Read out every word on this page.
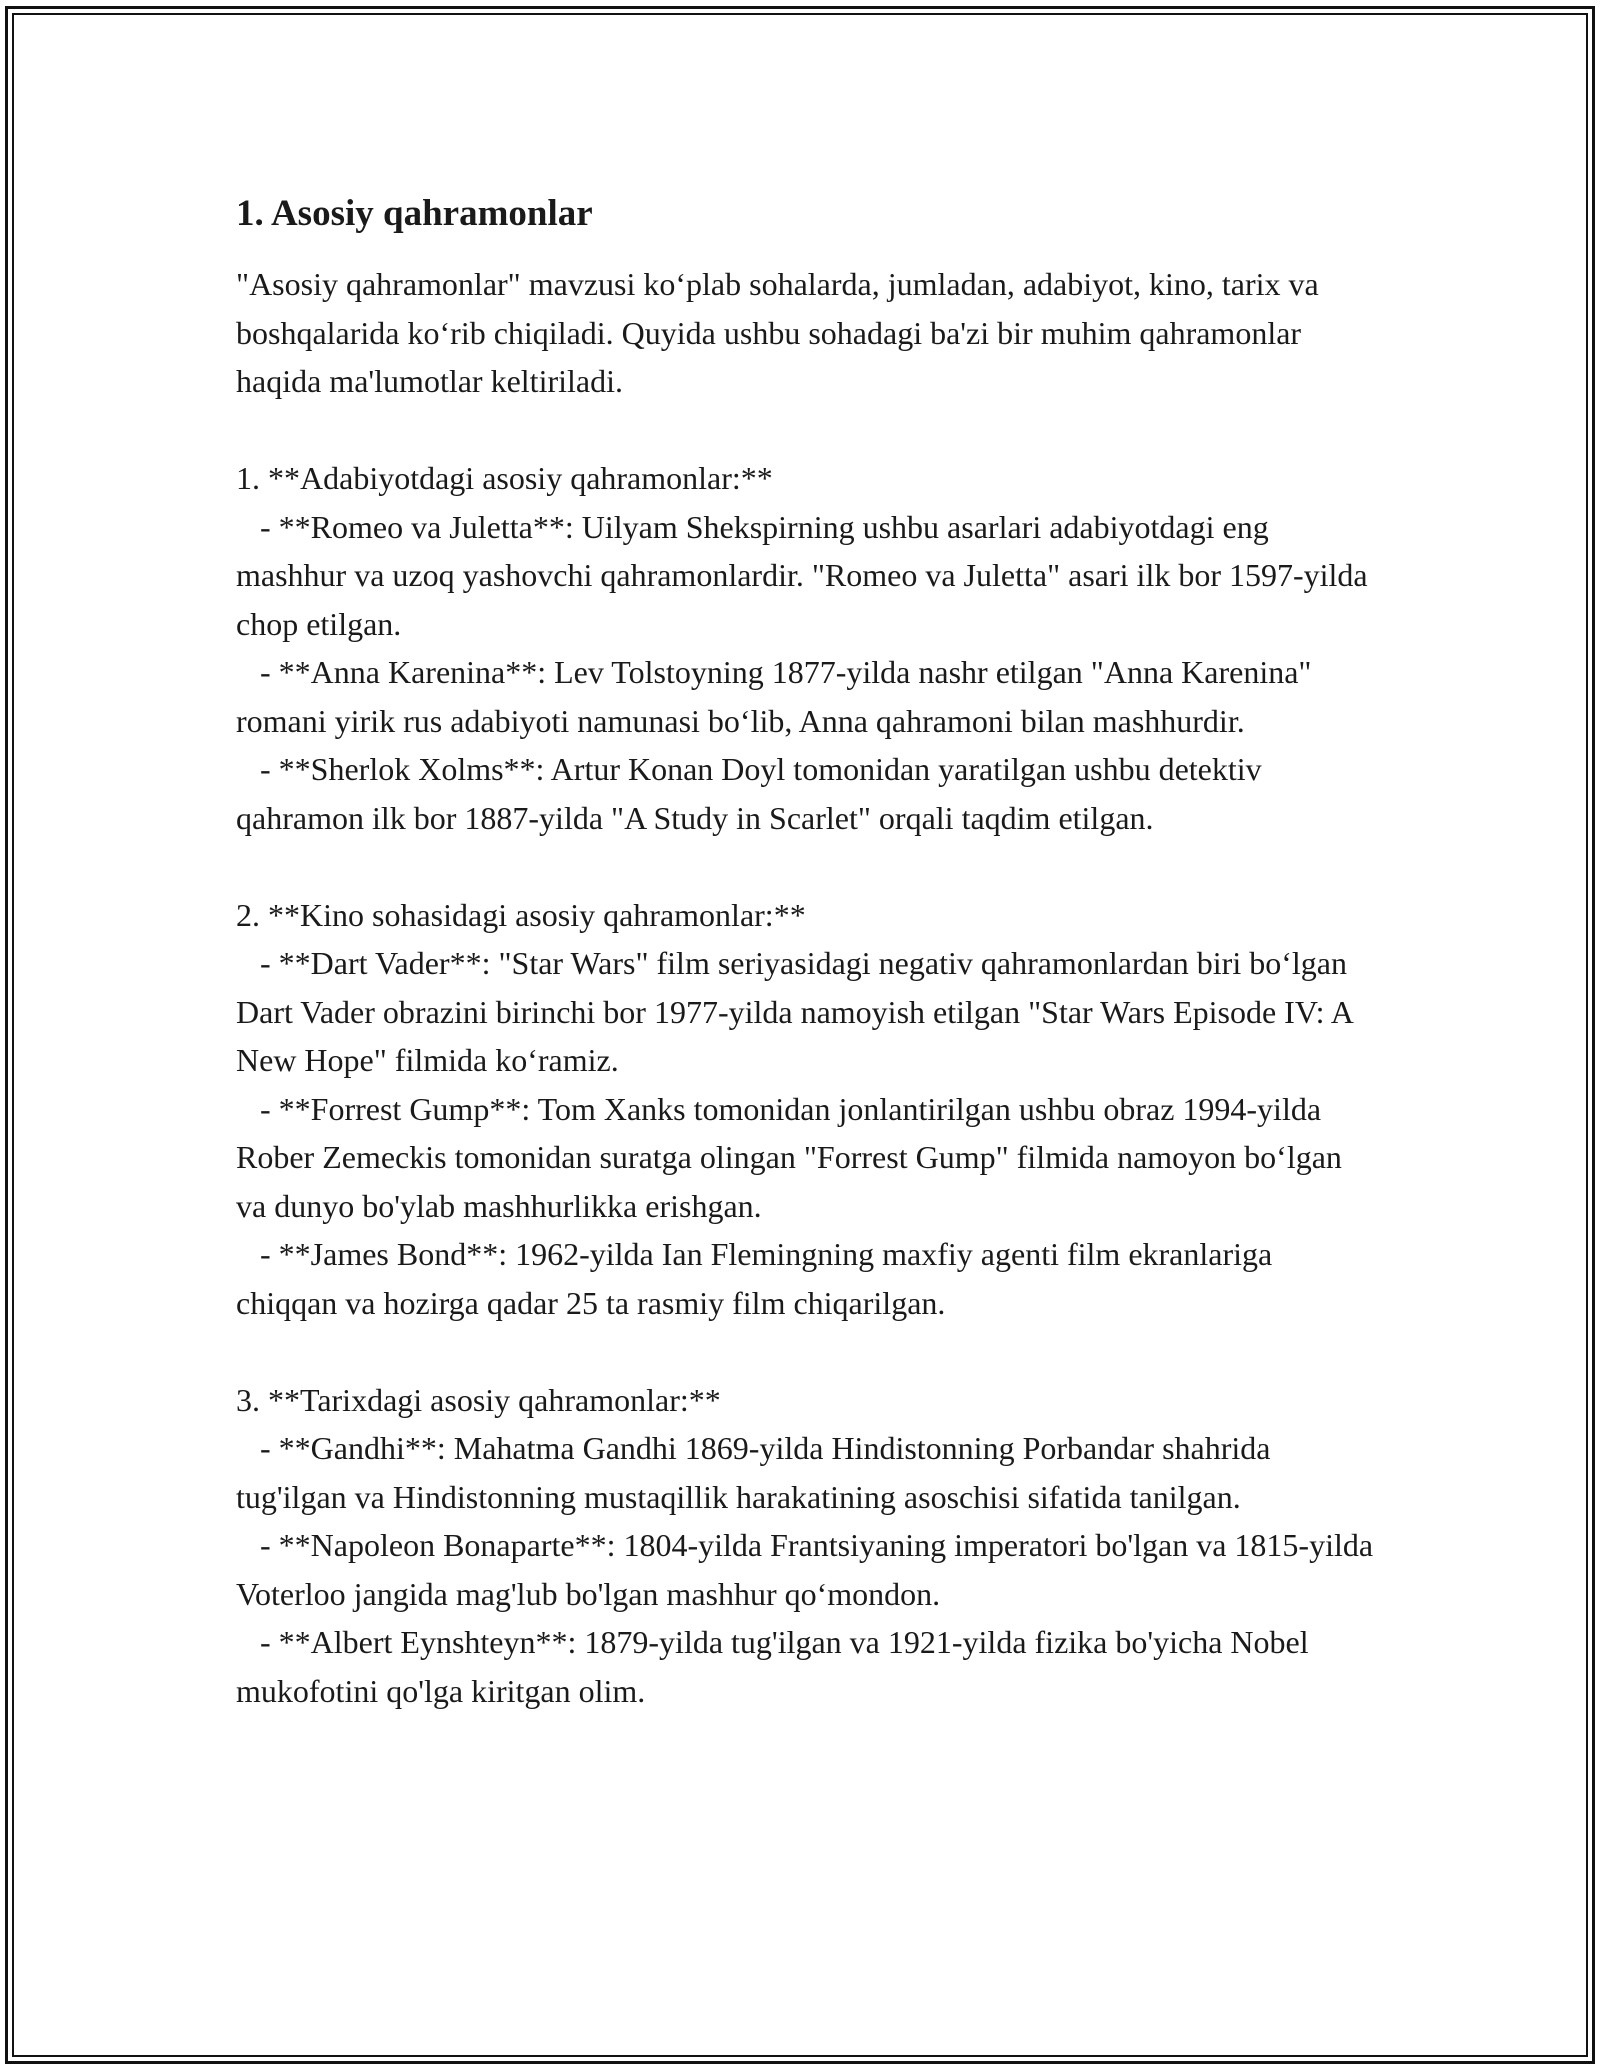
1. Asosiy qahramonlar

"Asosiy qahramonlar" mavzusi ko‘plab sohalarda, jumladan, adabiyot, kino, tarix va boshqalarida ko‘rib chiqiladi. Quyida ushbu sohadagi ba'zi bir muhim qahramonlar haqida ma'lumotlar keltiriladi.

1. **Adabiyotdagi asosiy qahramonlar:**

- **Romeo va Juletta**: Uilyam Shekspirning ushbu asarlari adabiyotdagi eng mashhur va uzoq yashovchi qahramonlardir. "Romeo va Juletta" asari ilk bor 1597-yilda chop etilgan.

- **Anna Karenina**: Lev Tolstoyning 1877-yilda nashr etilgan "Anna Karenina" romani yirik rus adabiyoti namunasi bo‘lib, Anna qahramoni bilan mashhurdir.

- **Sherlok Xolms**: Artur Konan Doyl tomonidan yaratilgan ushbu detektiv qahramon ilk bor 1887-yilda "A Study in Scarlet" orqali taqdim etilgan.

2. **Kino sohasidagi asosiy qahramonlar:**

- **Dart Vader**: "Star Wars" film seriyasidagi negativ qahramonlardan biri bo‘lgan Dart Vader obrazini birinchi bor 1977-yilda namoyish etilgan "Star Wars Episode IV: A New Hope" filmida ko‘ramiz.

- **Forrest Gump**: Tom Xanks tomonidan jonlantirilgan ushbu obraz 1994-yilda Rober Zemeckis tomonidan suratga olingan "Forrest Gump" filmida namoyon bo‘lgan va dunyo bo'ylab mashhurlikka erishgan.

- **James Bond**: 1962-yilda Ian Flemingning maxfiy agenti film ekranlariga chiqqan va hozirga qadar 25 ta rasmiy film chiqarilgan.

3. **Tarixdagi asosiy qahramonlar:**

- **Gandhi**: Mahatma Gandhi 1869-yilda Hindistonning Porbandar shahrida tug'ilgan va Hindistonning mustaqillik harakatining asoschisi sifatida tanilgan.

- **Napoleon Bonaparte**: 1804-yilda Frantsiyaning imperatori bo'lgan va 1815-yilda Voterloo jangida mag'lub bo'lgan mashhur qo‘mondon.

- **Albert Eynshteyn**: 1879-yilda tug'ilgan va 1921-yilda fizika bo'yicha Nobel mukofotini qo'lga kiritgan olim.
